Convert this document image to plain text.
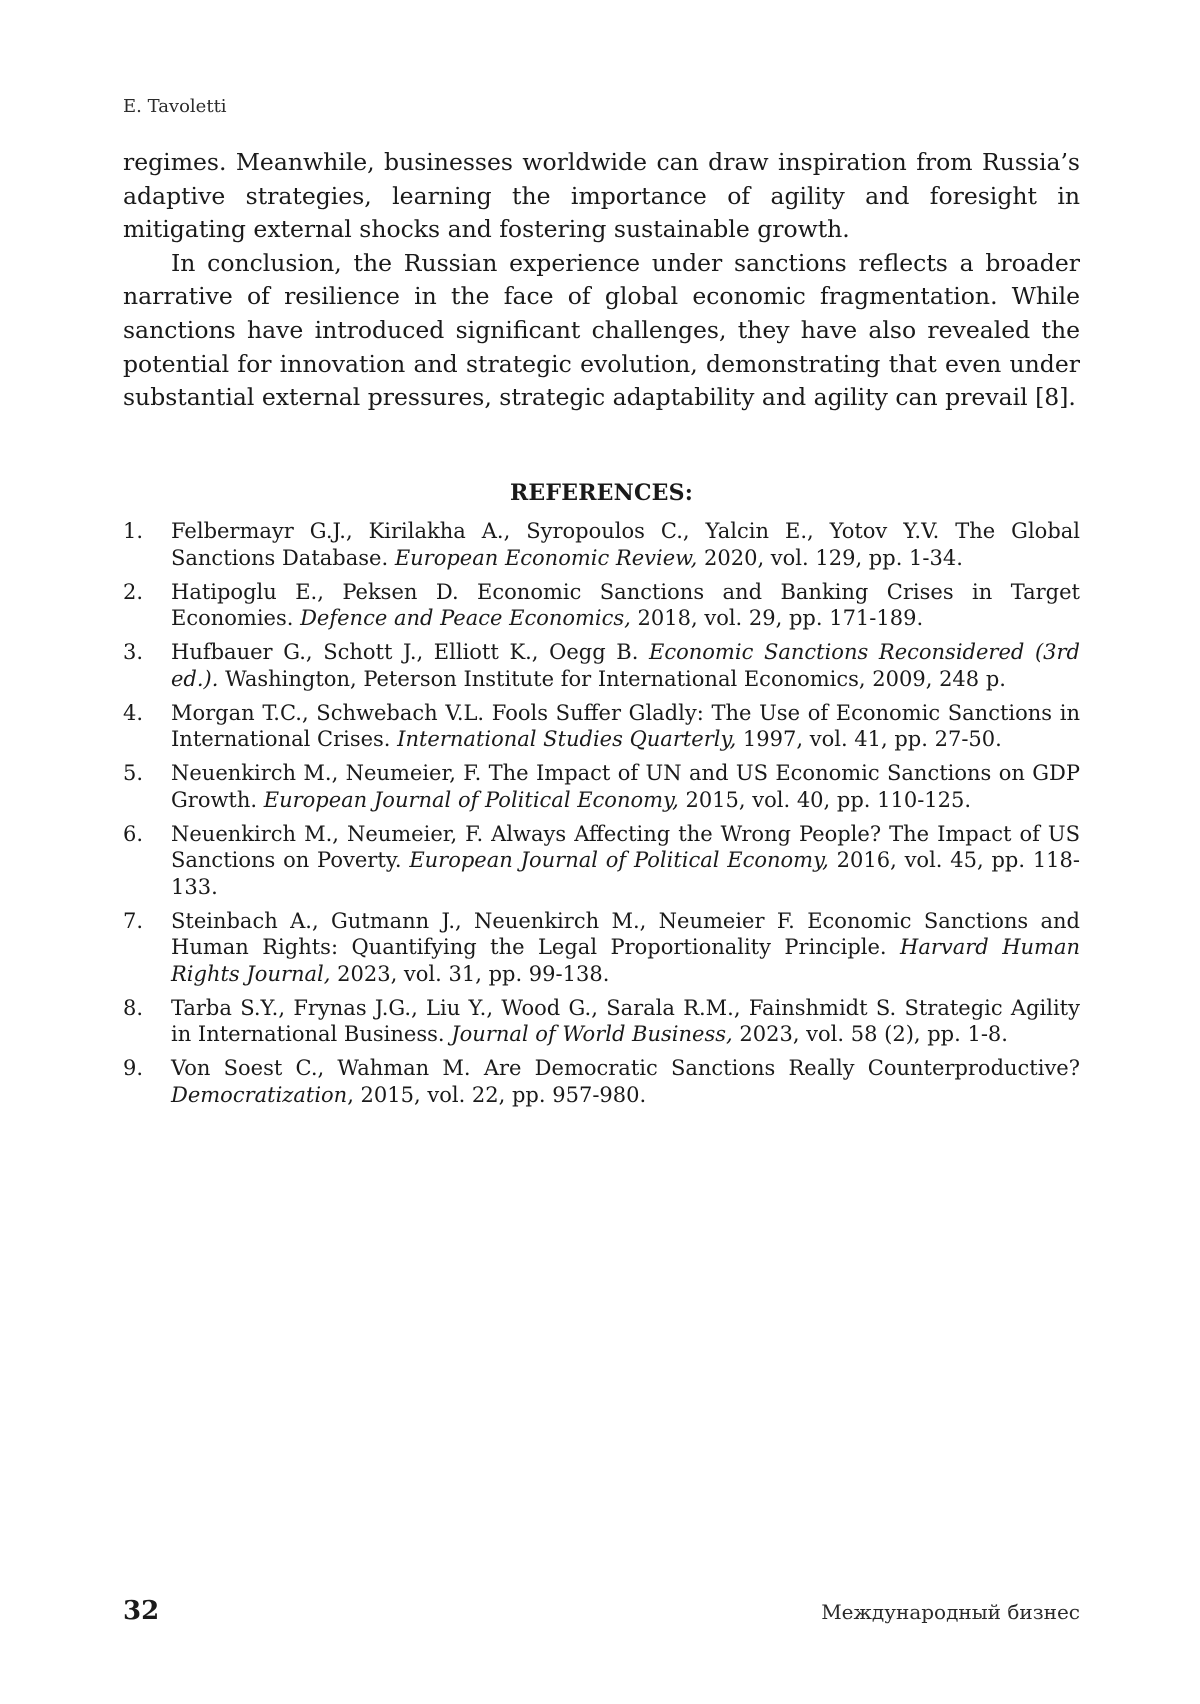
E. Tavoletti

regimes. Meanwhile, businesses worldwide can draw inspiration from Russia’s adaptive strategies, learning the importance of agility and foresight in mitigating external shocks and fostering sustainable growth.

In conclusion, the Russian experience under sanctions reflects a broader narrative of resilience in the face of global economic fragmentation. While sanctions have introduced significant challenges, they have also revealed the potential for innovation and strategic evolution, demonstrating that even under substantial external pressures, strategic adaptability and agility can prevail [8].

REFERENCES:
1. Felbermayr G.J., Kirilakha A., Syropoulos C., Yalcin E., Yotov Y.V. The Global Sanctions Database. European Economic Review, 2020, vol. 129, pp. 1-34.
2. Hatipoglu E., Peksen D. Economic Sanctions and Banking Crises in Target Economies. Defence and Peace Economics, 2018, vol. 29, pp. 171-189.
3. Hufbauer G., Schott J., Elliott K., Oegg B. Economic Sanctions Reconsidered (3rd ed.). Washington, Peterson Institute for International Economics, 2009, 248 p.
4. Morgan T.C., Schwebach V.L. Fools Suffer Gladly: The Use of Economic Sanctions in International Crises. International Studies Quarterly, 1997, vol. 41, pp. 27-50.
5. Neuenkirch M., Neumeier, F. The Impact of UN and US Economic Sanctions on GDP Growth. European Journal of Political Economy, 2015, vol. 40, pp. 110-125.
6. Neuenkirch M., Neumeier, F. Always Affecting the Wrong People? The Impact of US Sanctions on Poverty. European Journal of Political Economy, 2016, vol. 45, pp. 118-133.
7. Steinbach A., Gutmann J., Neuenkirch M., Neumeier F. Economic Sanctions and Human Rights: Quantifying the Legal Proportionality Principle. Harvard Human Rights Journal, 2023, vol. 31, pp. 99-138.
8. Tarba S.Y., Frynas J.G., Liu Y., Wood G., Sarala R.M., Fainshmidt S. Strategic Agility in International Business. Journal of World Business, 2023, vol. 58 (2), pp. 1-8.
9. Von Soest C., Wahman M. Are Democratic Sanctions Really Counterproductive? Democratization, 2015, vol. 22, pp. 957-980.
32	Международный бизнес
